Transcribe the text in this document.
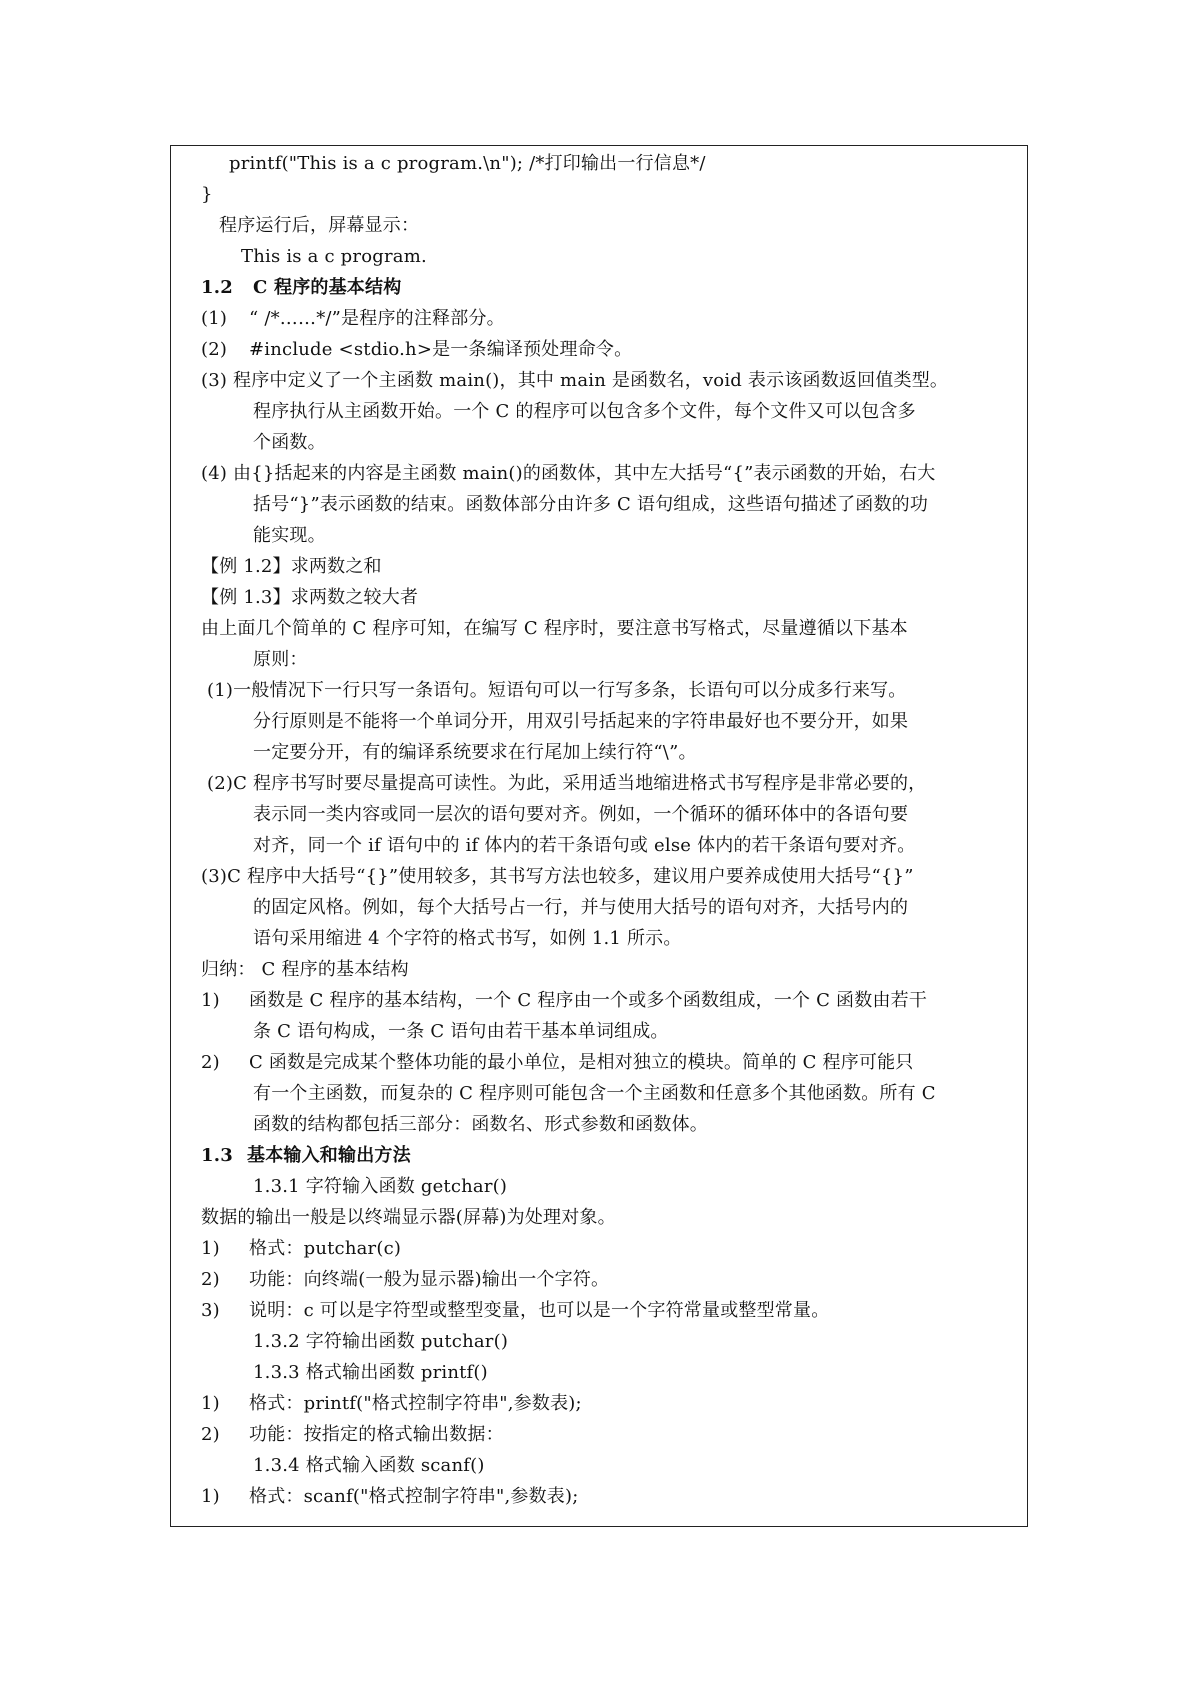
printf("This is a c program.\n"); /*打印输出一行信息*/
}
程序运行后，屏幕显示：
This is a c program.
1.2 C 程序的基本结构
(1) “ /*……*/”是程序的注释部分。
(2) #include <stdio.h>是一条编译预处理命令。
(3) 程序中定义了一个主函数 main()，其中 main 是函数名，void 表示该函数返回值类型。
程序执行从主函数开始。一个 C 的程序可以包含多个文件，每个文件又可以包含多
个函数。
(4) 由{}括起来的内容是主函数 main()的函数体，其中左大括号“{”表示函数的开始，右大
括号“}”表示函数的结束。函数体部分由许多 C 语句组成，这些语句描述了函数的功
能实现。
【例 1.2】求两数之和
【例 1.3】求两数之较大者
由上面几个简单的 C 程序可知，在编写 C 程序时，要注意书写格式，尽量遵循以下基本
原则：
(1)一般情况下一行只写一条语句。短语句可以一行写多条，长语句可以分成多行来写。
分行原则是不能将一个单词分开，用双引号括起来的字符串最好也不要分开，如果
一定要分开，有的编译系统要求在行尾加上续行符“\”。
(2)C 程序书写时要尽量提高可读性。为此，采用适当地缩进格式书写程序是非常必要的，
表示同一类内容或同一层次的语句要对齐。例如，一个循环的循环体中的各语句要
对齐，同一个 if 语句中的 if 体内的若干条语句或 else 体内的若干条语句要对齐。
(3)C 程序中大括号“{}”使用较多，其书写方法也较多，建议用户要养成使用大括号“{}”
的固定风格。例如，每个大括号占一行，并与使用大括号的语句对齐，大括号内的
语句采用缩进 4 个字符的格式书写，如例 1.1 所示。
归纳： C 程序的基本结构
1) 函数是 C 程序的基本结构，一个 C 程序由一个或多个函数组成，一个 C 函数由若干
条 C 语句构成，一条 C 语句由若干基本单词组成。
2) C 函数是完成某个整体功能的最小单位，是相对独立的模块。简单的 C 程序可能只
有一个主函数，而复杂的 C 程序则可能包含一个主函数和任意多个其他函数。所有 C
函数的结构都包括三部分：函数名、形式参数和函数体。
1.3 基本输入和输出方法
1.3.1 字符输入函数 getchar()
数据的输出一般是以终端显示器(屏幕)为处理对象。
1) 格式：putchar(c)
2) 功能：向终端(一般为显示器)输出一个字符。
3) 说明：c 可以是字符型或整型变量，也可以是一个字符常量或整型常量。
1.3.2 字符输出函数 putchar()
1.3.3 格式输出函数 printf()
1) 格式：printf("格式控制字符串",参数表);
2) 功能：按指定的格式输出数据：
1.3.4 格式输入函数 scanf()
1) 格式：scanf("格式控制字符串",参数表);
